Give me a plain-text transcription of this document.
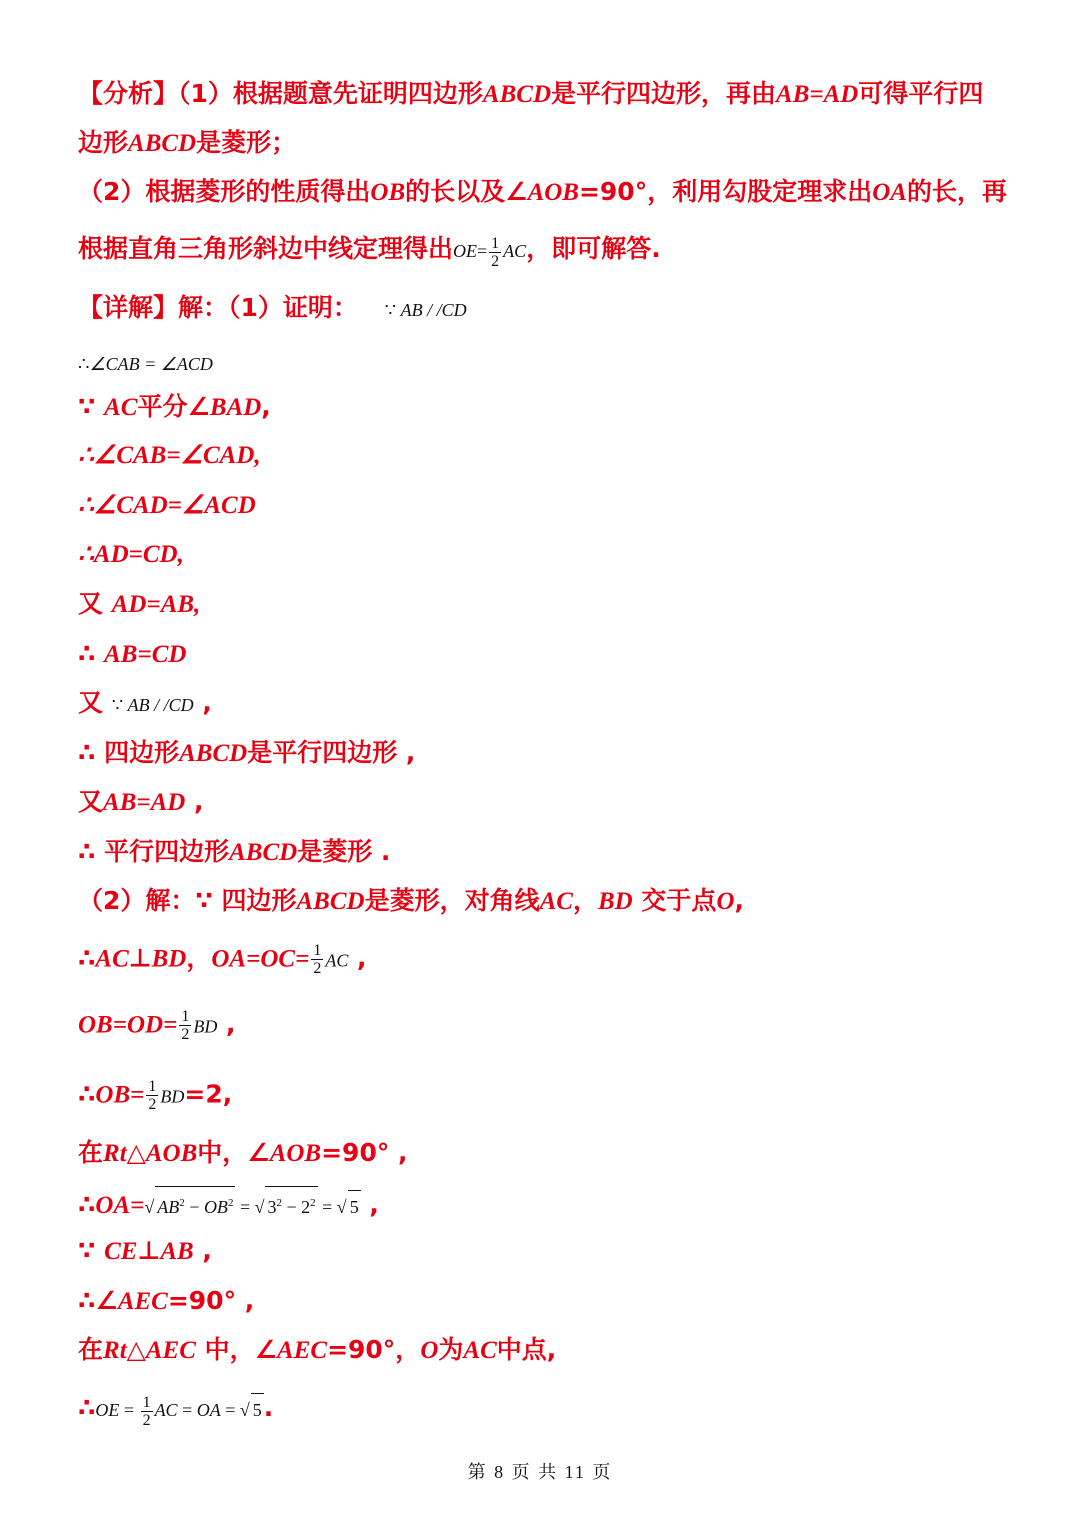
【分析】（1）根据题意先证明四边形ABCD是平行四边形，再由AB=AD可得平行四
边形ABCD是菱形；
（2）根据菱形的性质得出OB的长以及∠AOB=90°，利用勾股定理求出OA的长，再
根据直角三角形斜边中线定理得出$OE= \frac{1}{2}$ AC，即可解答.
【详解】解：（1）证明： ∵ AB / /CD
∴∠CAB = ∠ACD
∵ AC平分∠BAD,
∴∠CAB=∠CAD,
∴∠CAD=∠ACD
∴AD=CD,
又 AD=AB,
∴ AB=CD
又 ∵ AB / /CD ,
∴ 四边形ABCD是平行四边形 ,
又AB=AD ,
∴ 平行四边形ABCD是菱形 .
（2）解：∵ 四边形ABCD是菱形，对角线AC，BD 交于点O,
∴AC⊥BD，$OA=OC= \frac{1}{2}$ AC ,
$OB=OD= \frac{1}{2}$ BD ,
∴OB= $\frac{1}{2} BD=2$,
在Rt△AOB中，∠AOB=90° ,
∴OA=√ $AB^2 - OB^2$ = √ $3^2 - 2^2$ = √ 5 ,
∵ CE⊥AB ,
∴∠AEC=90° ,
在Rt△AEC 中，∠AEC=90°，O为AC中点,
∴OE = $\frac{1}{2}$ AC = OA = √ 5.
第 8 页 共 11 页
